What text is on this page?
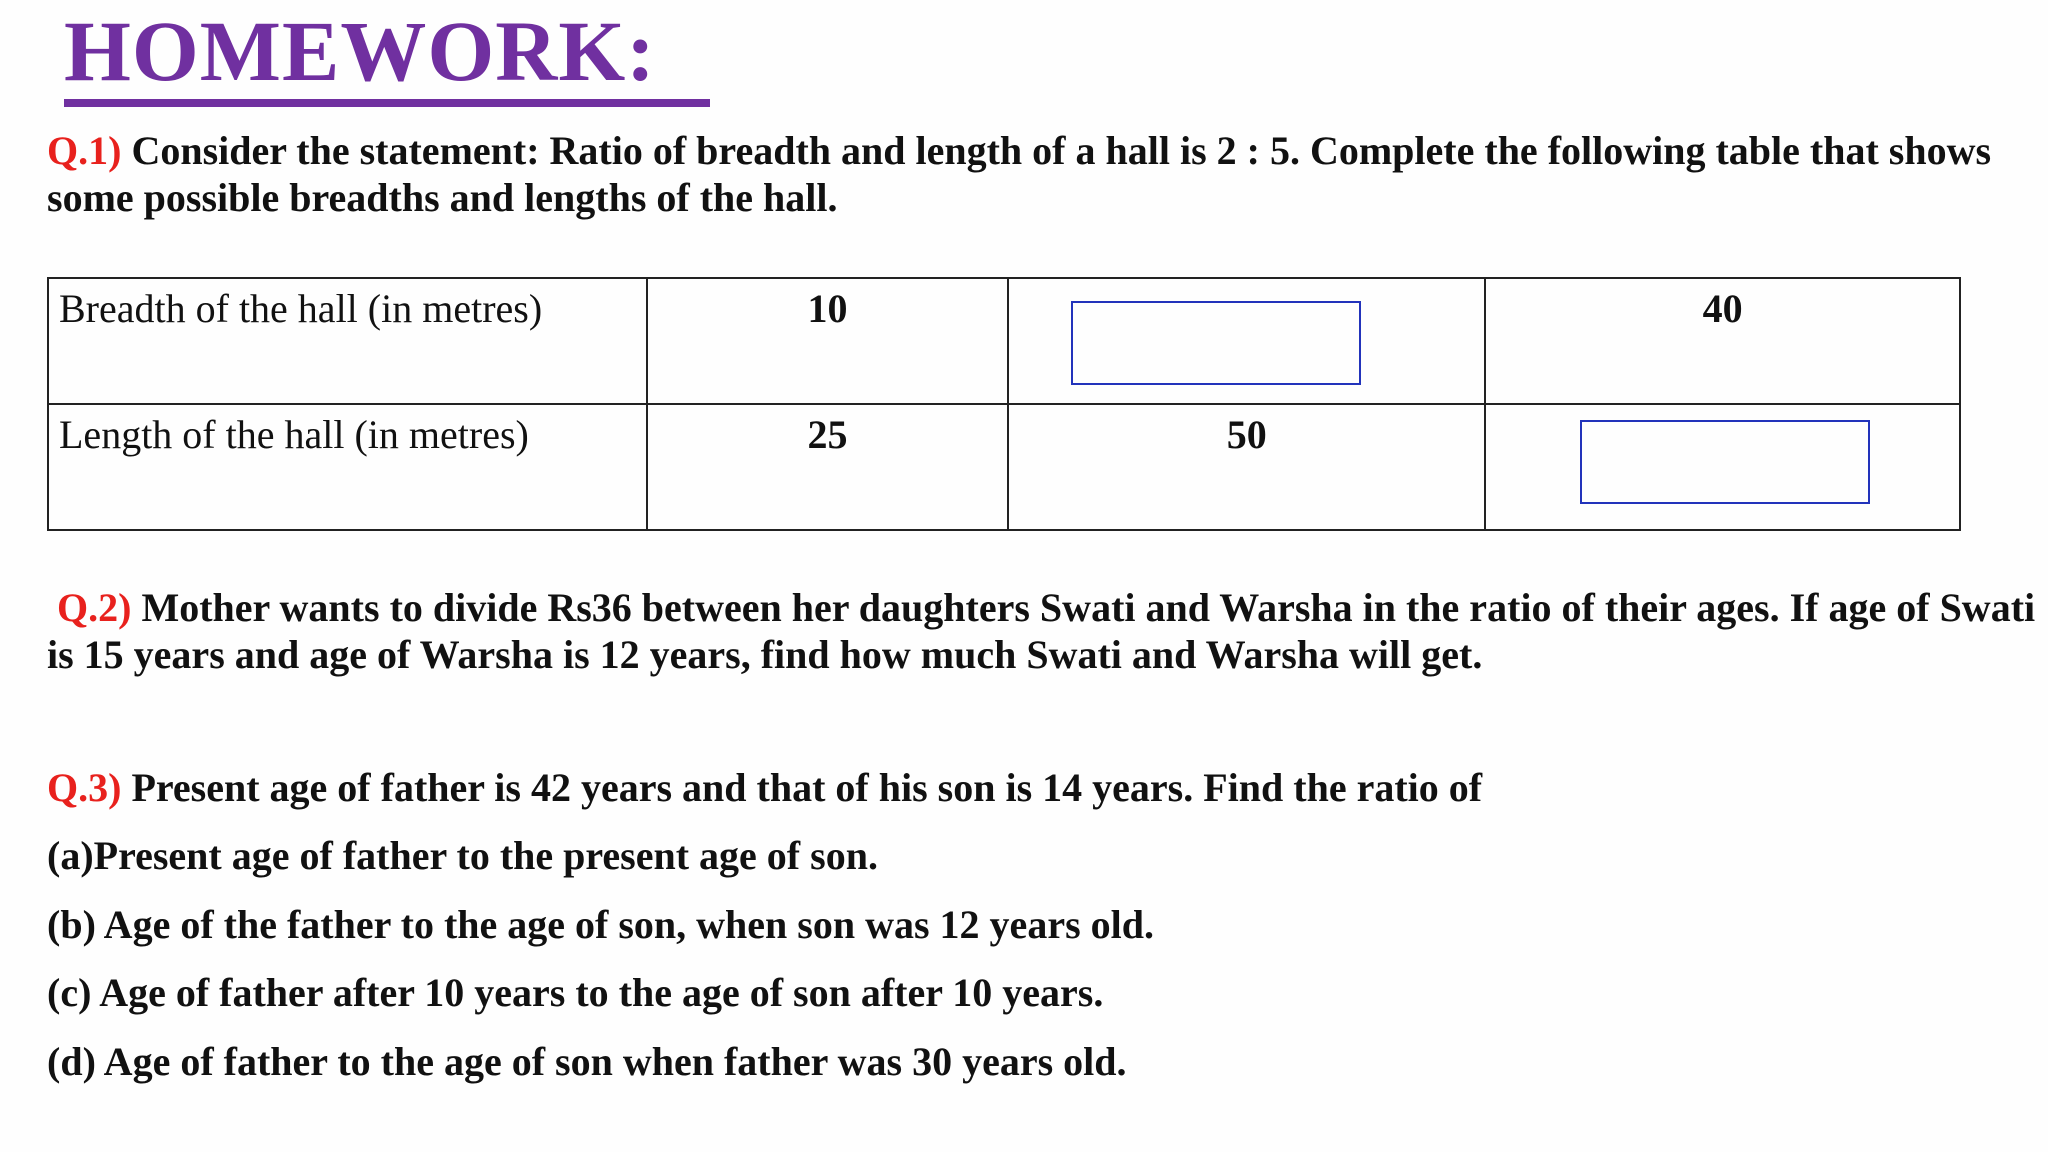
HOMEWORK:

Q.1) Consider the statement: Ratio of breadth and length of a hall is 2 : 5. Complete the following table that shows some possible breadths and lengths of the hall.

Breadth of the hall (in metres)	10		40
Length of the hall (in metres)	25	50	

Q.2) Mother wants to divide Rs36 between her daughters Swati and Warsha in the ratio of their ages. If age of Swati is 15 years and age of Warsha is 12 years, find how much Swati and Warsha will get.

Q.3) Present age of father is 42 years and that of his son is 14 years. Find the ratio of

(a)Present age of father to the present age of son.

(b) Age of the father to the age of son, when son was 12 years old.

(c) Age of father after 10 years to the age of son after 10 years.

(d) Age of father to the age of son when father was 30 years old.
